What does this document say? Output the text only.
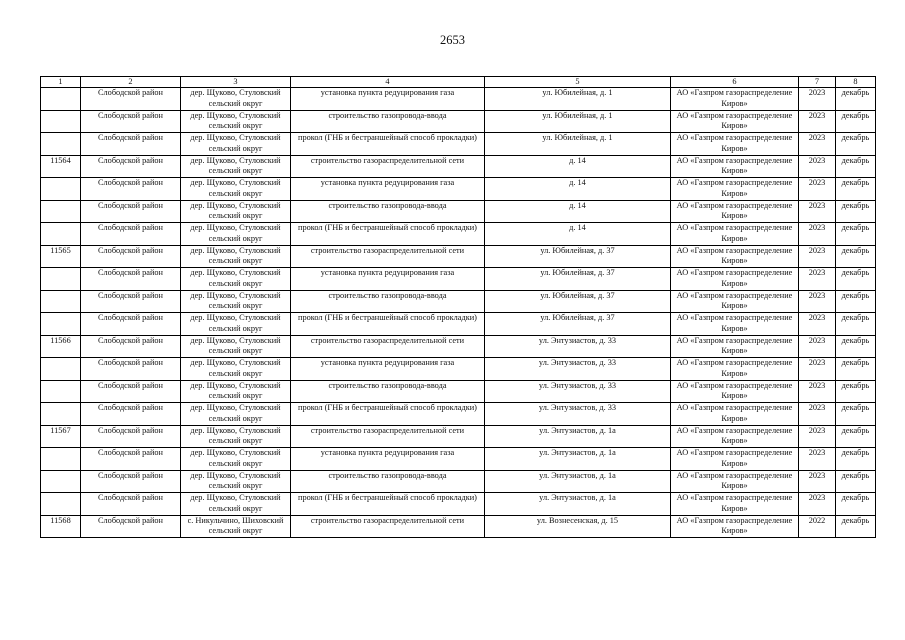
2653
1	2	3	4	5	6	7	8
	Слободской район	дер. Щуково, Стуловский сельский округ	установка пункта редуцирования газа	ул. Юбилейная, д. 1	АО «Газпром газораспределение Киров»	2023	декабрь
	Слободской район	дер. Щуково, Стуловский сельский округ	строительство газопровода-ввода	ул. Юбилейная, д. 1	АО «Газпром газораспределение Киров»	2023	декабрь
	Слободской район	дер. Щуково, Стуловский сельский округ	прокол (ГНБ и бестраншейный способ прокладки)	ул. Юбилейная, д. 1	АО «Газпром газораспределение Киров»	2023	декабрь
11564	Слободской район	дер. Щуково, Стуловский сельский округ	строительство газораспределительной сети	д. 14	АО «Газпром газораспределение Киров»	2023	декабрь
	Слободской район	дер. Щуково, Стуловский сельский округ	установка пункта редуцирования газа	д. 14	АО «Газпром газораспределение Киров»	2023	декабрь
	Слободской район	дер. Щуково, Стуловский сельский округ	строительство газопровода-ввода	д. 14	АО «Газпром газораспределение Киров»	2023	декабрь
	Слободской район	дер. Щуково, Стуловский сельский округ	прокол (ГНБ и бестраншейный способ прокладки)	д. 14	АО «Газпром газораспределение Киров»	2023	декабрь
11565	Слободской район	дер. Щуково, Стуловский сельский округ	строительство газораспределительной сети	ул. Юбилейная, д. 37	АО «Газпром газораспределение Киров»	2023	декабрь
	Слободской район	дер. Щуково, Стуловский сельский округ	установка пункта редуцирования газа	ул. Юбилейная, д. 37	АО «Газпром газораспределение Киров»	2023	декабрь
	Слободской район	дер. Щуково, Стуловский сельский округ	строительство газопровода-ввода	ул. Юбилейная, д. 37	АО «Газпром газораспределение Киров»	2023	декабрь
	Слободской район	дер. Щуково, Стуловский сельский округ	прокол (ГНБ и бестраншейный способ прокладки)	ул. Юбилейная, д. 37	АО «Газпром газораспределение Киров»	2023	декабрь
11566	Слободской район	дер. Щуково, Стуловский сельский округ	строительство газораспределительной сети	ул. Энтузиастов, д. 33	АО «Газпром газораспределение Киров»	2023	декабрь
	Слободской район	дер. Щуково, Стуловский сельский округ	установка пункта редуцирования газа	ул. Энтузиастов, д. 33	АО «Газпром газораспределение Киров»	2023	декабрь
	Слободской район	дер. Щуково, Стуловский сельский округ	строительство газопровода-ввода	ул. Энтузиастов, д. 33	АО «Газпром газораспределение Киров»	2023	декабрь
	Слободской район	дер. Щуково, Стуловский сельский округ	прокол (ГНБ и бестраншейный способ прокладки)	ул. Энтузиастов, д. 33	АО «Газпром газораспределение Киров»	2023	декабрь
11567	Слободской район	дер. Щуково, Стуловский сельский округ	строительство газораспределительной сети	ул. Энтузиастов, д. 1а	АО «Газпром газораспределение Киров»	2023	декабрь
	Слободской район	дер. Щуково, Стуловский сельский округ	установка пункта редуцирования газа	ул. Энтузиастов, д. 1а	АО «Газпром газораспределение Киров»	2023	декабрь
	Слободской район	дер. Щуково, Стуловский сельский округ	строительство газопровода-ввода	ул. Энтузиастов, д. 1а	АО «Газпром газораспределение Киров»	2023	декабрь
	Слободской район	дер. Щуково, Стуловский сельский округ	прокол (ГНБ и бестраншейный способ прокладки)	ул. Энтузиастов, д. 1а	АО «Газпром газораспределение Киров»	2023	декабрь
11568	Слободской район	с. Никульчино, Шиховский сельский округ	строительство газораспределительной сети	ул. Вознесенская, д. 15	АО «Газпром газораспределение Киров»	2022	декабрь
